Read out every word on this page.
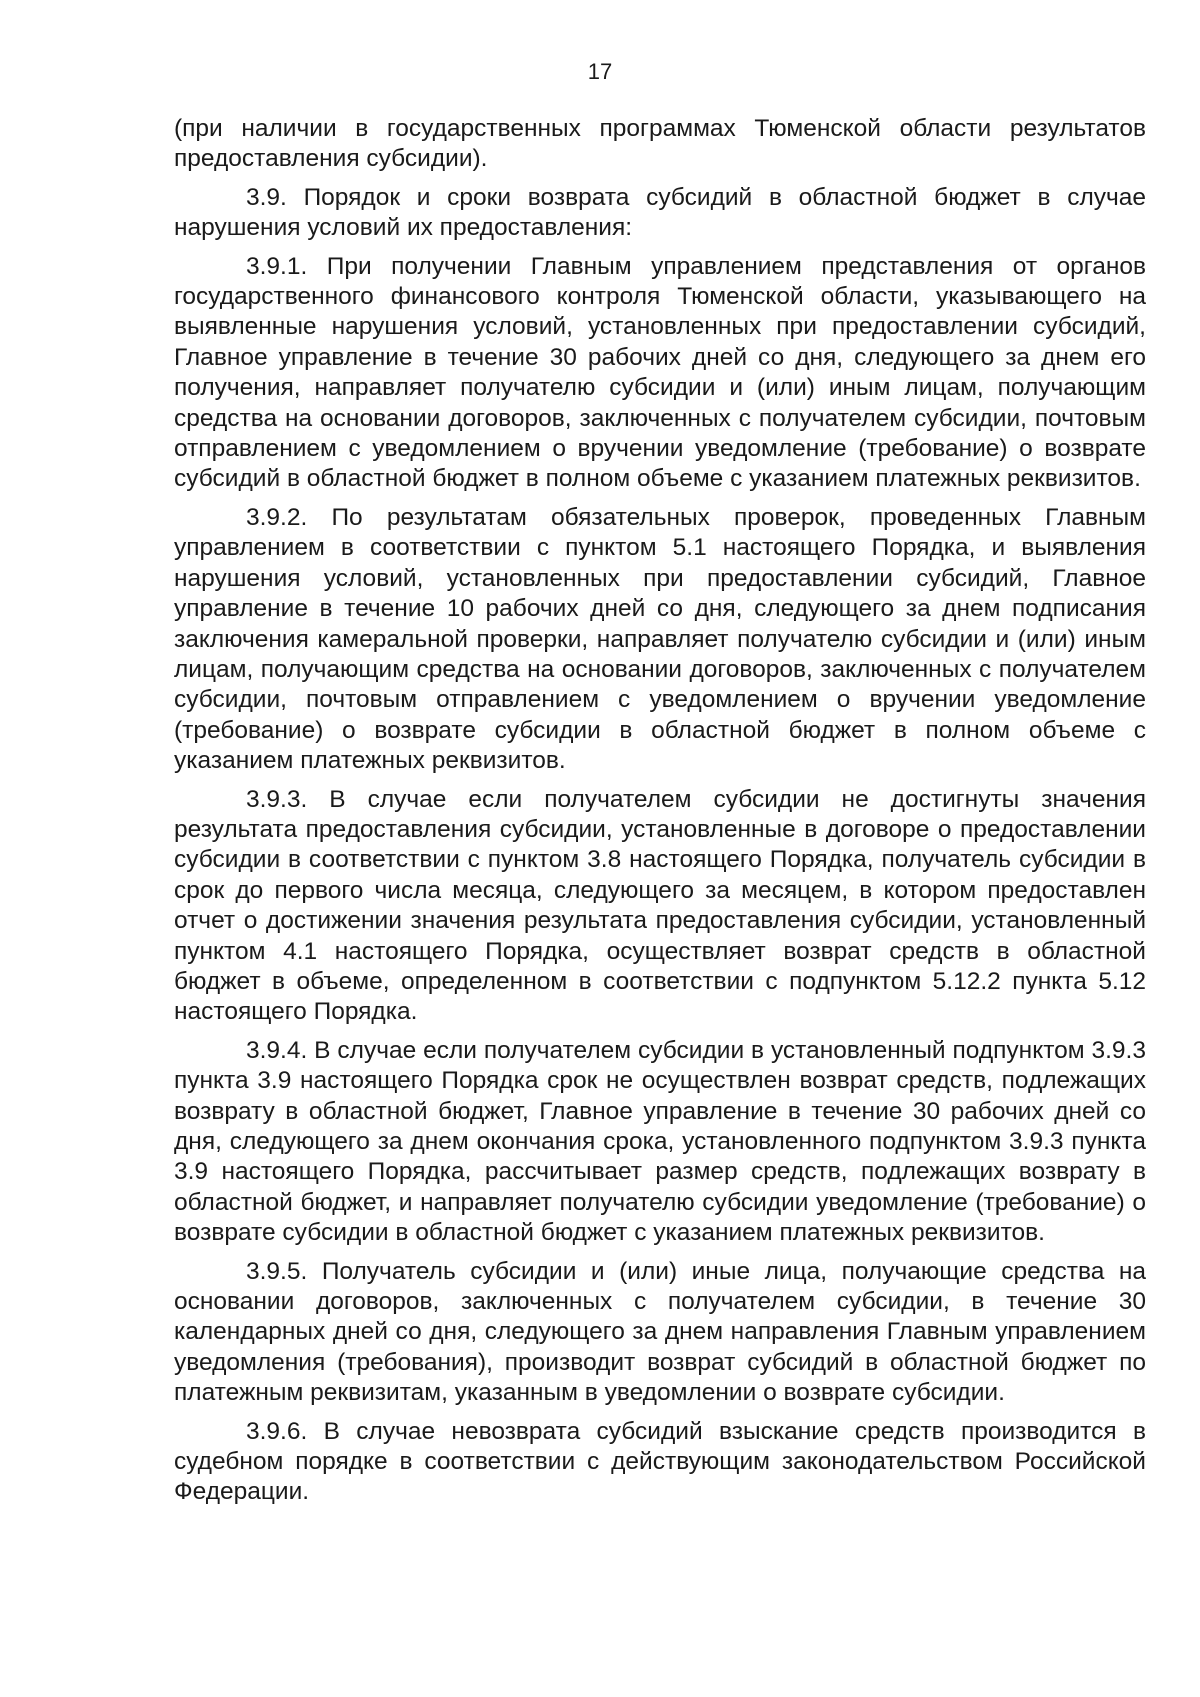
17

(при наличии в государственных программах Тюменской области результатов предоставления субсидии).

3.9. Порядок и сроки возврата субсидий в областной бюджет в случае нарушения условий их предоставления:

3.9.1. При получении Главным управлением представления от органов государственного финансового контроля Тюменской области, указывающего на выявленные нарушения условий, установленных при предоставлении субсидий, Главное управление в течение 30 рабочих дней со дня, следующего за днем его получения, направляет получателю субсидии и (или) иным лицам, получающим средства на основании договоров, заключенных с получателем субсидии, почтовым отправлением с уведомлением о вручении уведомление (требование) о возврате субсидий в областной бюджет в полном объеме с указанием платежных реквизитов.

3.9.2. По результатам обязательных проверок, проведенных Главным управлением в соответствии с пунктом 5.1 настоящего Порядка, и выявления нарушения условий, установленных при предоставлении субсидий, Главное управление в течение 10 рабочих дней со дня, следующего за днем подписания заключения камеральной проверки, направляет получателю субсидии и (или) иным лицам, получающим средства на основании договоров, заключенных с получателем субсидии, почтовым отправлением с уведомлением о вручении уведомление (требование) о возврате субсидии в областной бюджет в полном объеме с указанием платежных реквизитов.

3.9.3. В случае если получателем субсидии не достигнуты значения результата предоставления субсидии, установленные в договоре о предоставлении субсидии в соответствии с пунктом 3.8 настоящего Порядка, получатель субсидии в срок до первого числа месяца, следующего за месяцем, в котором предоставлен отчет о достижении значения результата предоставления субсидии, установленный пунктом 4.1 настоящего Порядка, осуществляет возврат средств в областной бюджет в объеме, определенном в соответствии с подпунктом 5.12.2 пункта 5.12 настоящего Порядка.

3.9.4. В случае если получателем субсидии в установленный подпунктом 3.9.3 пункта 3.9 настоящего Порядка срок не осуществлен возврат средств, подлежащих возврату в областной бюджет, Главное управление в течение 30 рабочих дней со дня, следующего за днем окончания срока, установленного подпунктом 3.9.3 пункта 3.9 настоящего Порядка, рассчитывает размер средств, подлежащих возврату в областной бюджет, и направляет получателю субсидии уведомление (требование) о возврате субсидии в областной бюджет с указанием платежных реквизитов.

3.9.5. Получатель субсидии и (или) иные лица, получающие средства на основании договоров, заключенных с получателем субсидии, в течение 30 календарных дней со дня, следующего за днем направления Главным управлением уведомления (требования), производит возврат субсидий в областной бюджет по платежным реквизитам, указанным в уведомлении о возврате субсидии.

3.9.6. В случае невозврата субсидий взыскание средств производится в судебном порядке в соответствии с действующим законодательством Российской Федерации.
